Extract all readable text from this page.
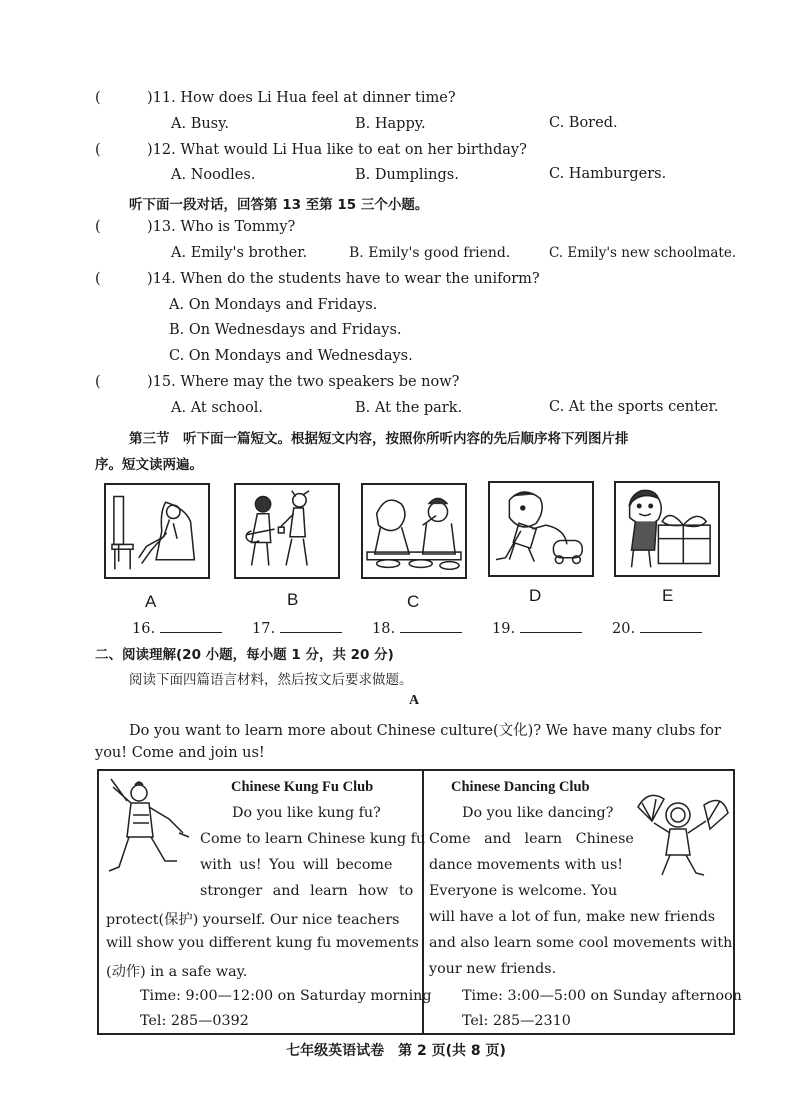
(	)11. How does Li Hua feel at dinner time?
A. Busy.	B. Happy.	C. Bored.
(	)12. What would Li Hua like to eat on her birthday?
A. Noodles.	B. Dumplings.	C. Hamburgers.
听下面一段对话，回答第 13 至第 15 三个小题。
(	)13. Who is Tommy?
A. Emily's brother.	B. Emily's good friend.	C. Emily's new schoolmate.
(	)14. When do the students have to wear the uniform?
A. On Mondays and Fridays.
B. On Wednesdays and Fridays.
C. On Mondays and Wednesdays.
(	)15. Where may the two speakers be now?
A. At school.	B. At the park.	C. At the sports center.
第三节　听下面一篇短文。根据短文内容，按照你所听内容的先后顺序将下列图片排
序。短文读两遍。
A	B	C	D	E
16.	17.	18.	19.	20.
二、阅读理解(20 小题，每小题 1 分，共 20 分)
阅读下面四篇语言材料，然后按文后要求做题。
A
Do you want to learn more about Chinese culture(文化)? We have many clubs for
you! Come and join us!
Chinese Kung Fu Club
Do you like kung fu?
Come to learn Chinese kung fu
with us! You will become
stronger and learn how to
protect(保护) yourself. Our nice teachers
will show you different kung fu movements
(动作) in a safe way.
Time: 9:00—12:00 on Saturday morning
Tel: 285—0392
Chinese Dancing Club
Do you like dancing?
Come and learn Chinese
dance movements with us!
Everyone is welcome. You
will have a lot of fun, make new friends
and also learn some cool movements with
your new friends.
Time: 3:00—5:00 on Sunday afternoon
Tel: 285—2310
七年级英语试卷　第 2 页(共 8 页)
